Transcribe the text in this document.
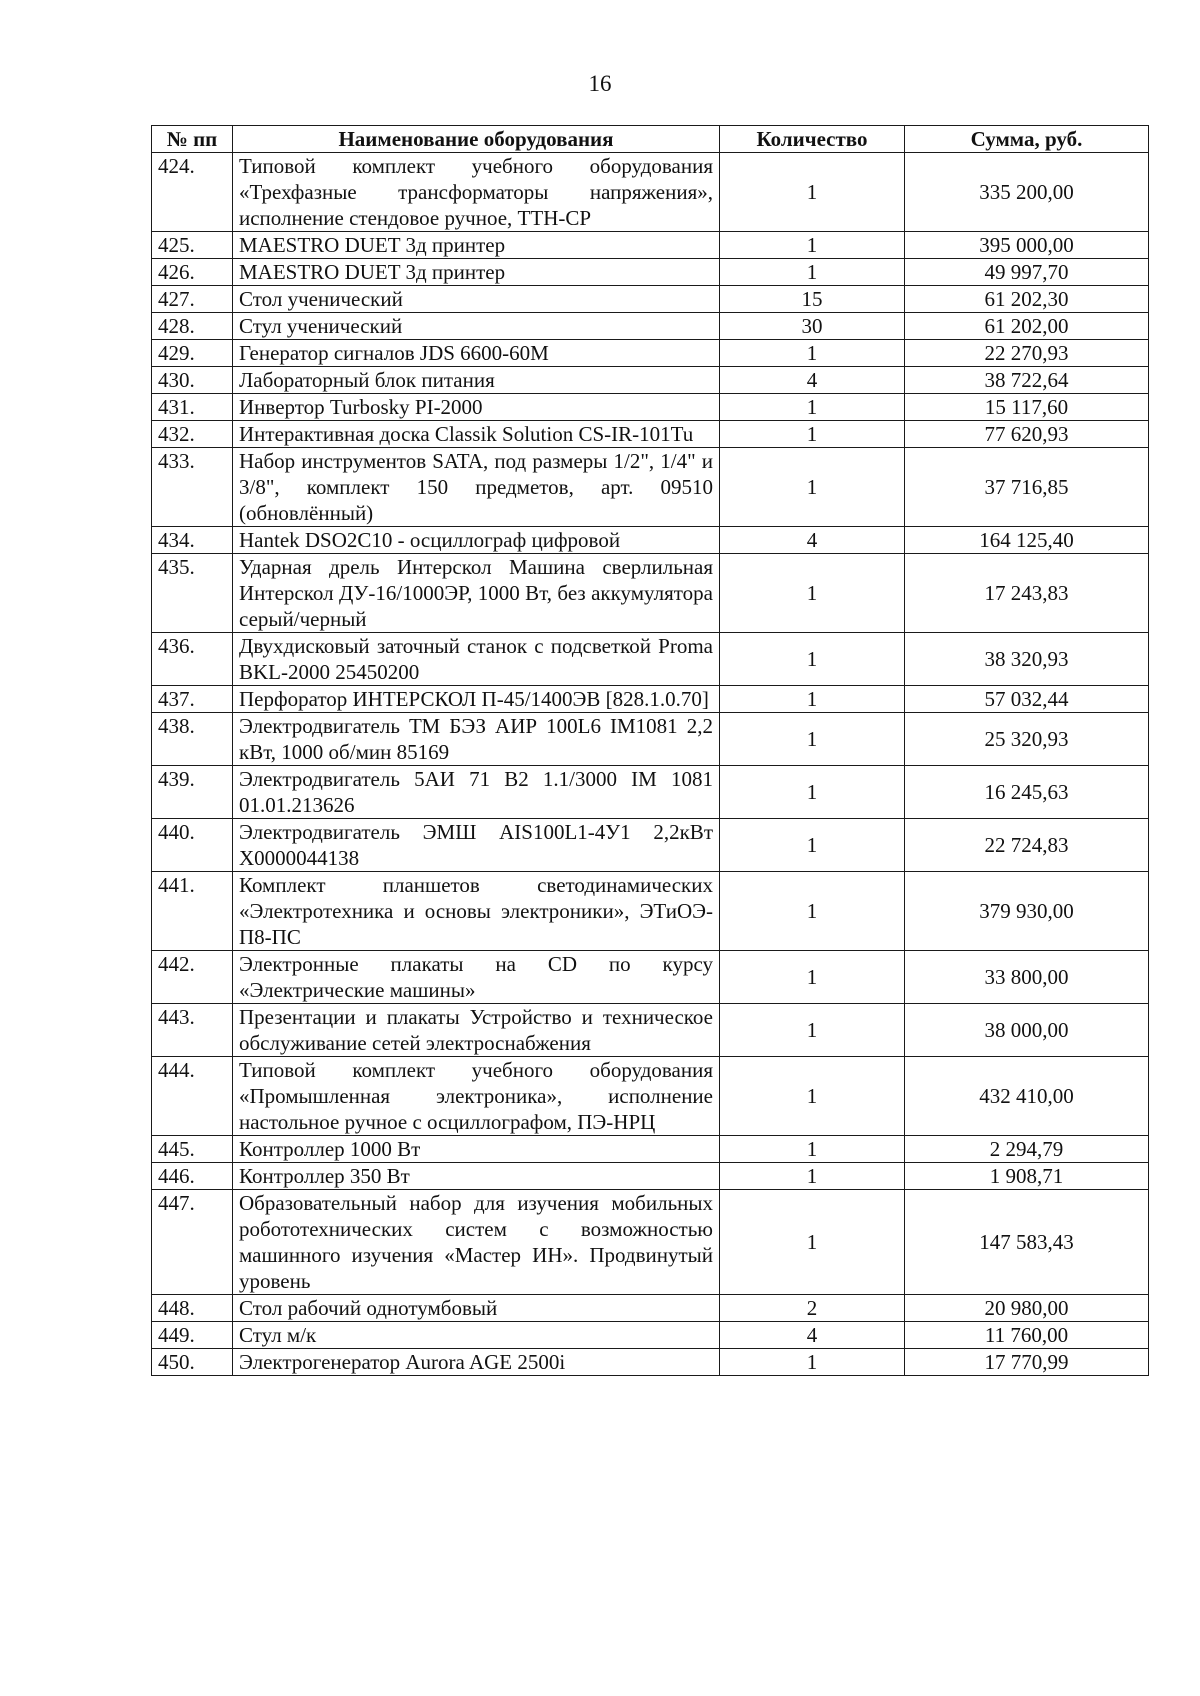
16
№ пп	Наименование оборудования	Количество	Сумма, руб.
424.	Типовой комплект учебного оборудования «Трехфазные трансформаторы напряжения», исполнение стендовое ручное, ТТН-СР	1	335 200,00
425.	MAESTRO DUET 3д принтер	1	395 000,00
426.	MAESTRO DUET 3д принтер	1	49 997,70
427.	Стол ученический	15	61 202,30
428.	Стул ученический	30	61 202,00
429.	Генератор сигналов JDS 6600-60M	1	22 270,93
430.	Лабораторный блок питания	4	38 722,64
431.	Инвертор Turbosky PI-2000	1	15 117,60
432.	Интерактивная доска Classik Solution CS-IR-101Tu	1	77 620,93
433.	Набор инструментов SATA, под размеры 1/2", 1/4" и 3/8", комплект 150 предметов, арт. 09510 (обновлённый)	1	37 716,85
434.	Hantek DSO2C10 - осциллограф цифровой	4	164 125,40
435.	Ударная дрель Интерскол Машина сверлильная Интерскол ДУ-16/1000ЭР, 1000 Вт, без аккумулятора серый/черный	1	17 243,83
436.	Двухдисковый заточный станок с подсветкой Proma BKL-2000 25450200	1	38 320,93
437.	Перфоратор ИНТЕРСКОЛ П-45/1400ЭВ [828.1.0.70]	1	57 032,44
438.	Электродвигатель ТМ БЭЗ АИР 100L6 IM1081 2,2 кВт, 1000 об/мин 85169	1	25 320,93
439.	Электродвигатель 5АИ 71 В2 1.1/3000 IM 1081 01.01.213626	1	16 245,63
440.	Электродвигатель ЭМШ AIS100L1-4У1 2,2кВт Х0000044138	1	22 724,83
441.	Комплект планшетов светодинамических «Электротехника и основы электроники», ЭТиОЭ-П8-ПС	1	379 930,00
442.	Электронные плакаты на CD по курсу «Электрические машины»	1	33 800,00
443.	Презентации и плакаты Устройство и техническое обслуживание сетей электроснабжения	1	38 000,00
444.	Типовой комплект учебного оборудования «Промышленная электроника», исполнение настольное ручное с осциллографом, ПЭ-НРЦ	1	432 410,00
445.	Контроллер 1000 Вт	1	2 294,79
446.	Контроллер 350 Вт	1	1 908,71
447.	Образовательный набор для изучения мобильных робототехнических систем с возможностью машинного изучения «Мастер ИН». Продвинутый уровень	1	147 583,43
448.	Стол рабочий однотумбовый	2	20 980,00
449.	Стул м/к	4	11 760,00
450.	Электрогенератор Aurora AGE 2500i	1	17 770,99
